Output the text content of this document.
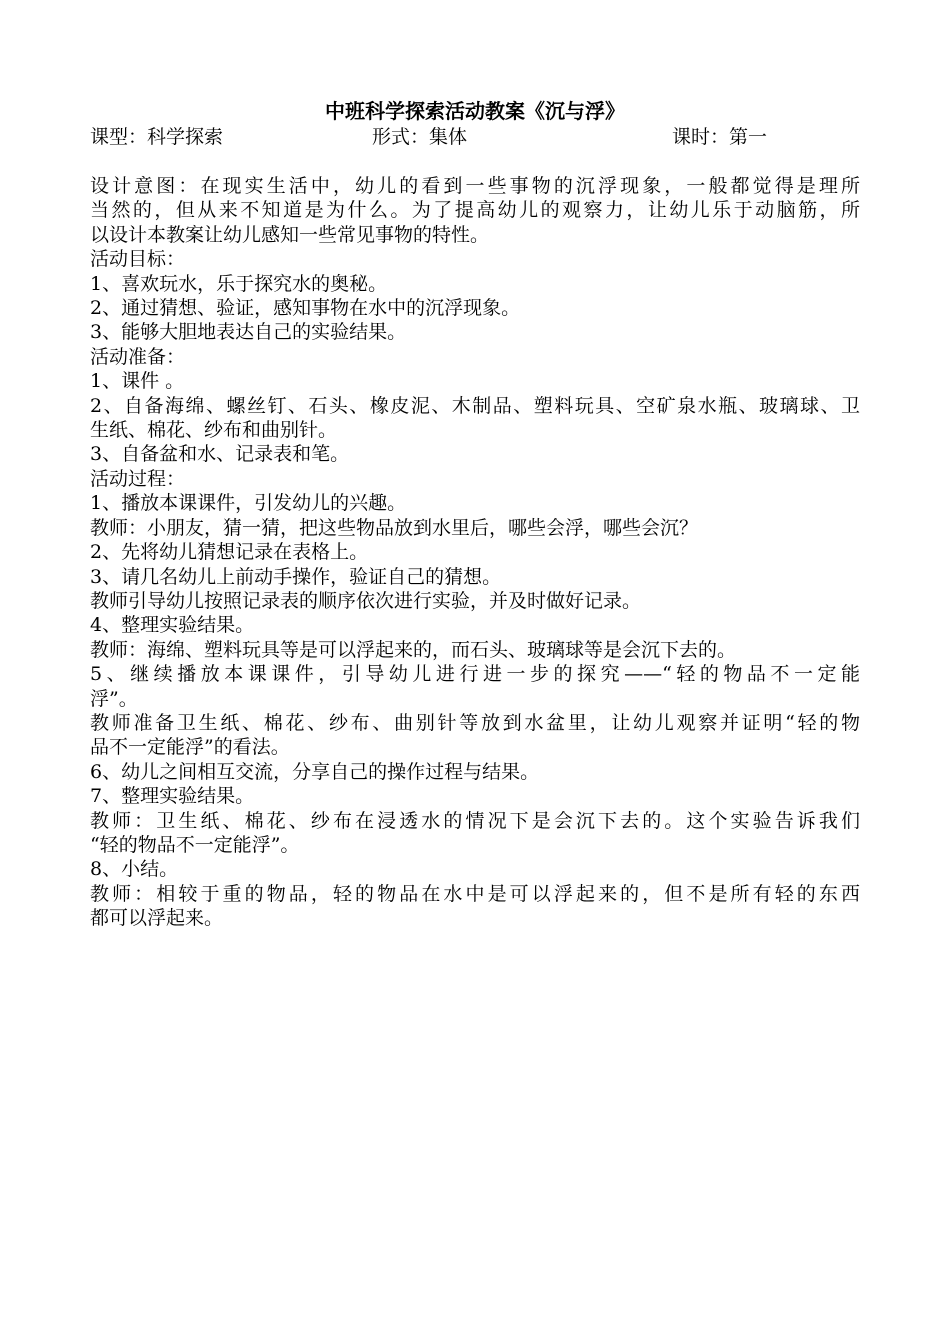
中班科学探索活动教案《沉与浮》
课型：科学探索	形式：集体	课时：第一
设计意图：在现实生活中，幼儿的看到一些事物的沉浮现象，一般都觉得是理所
当然的，但从来不知道是为什么。为了提高幼儿的观察力，让幼儿乐于动脑筋，所
以设计本教案让幼儿感知一些常见事物的特性。
活动目标：
1、喜欢玩水，乐于探究水的奥秘。
2、通过猜想、验证，感知事物在水中的沉浮现象。
3、能够大胆地表达自己的实验结果。
活动准备：
1、课件 。
2、自备海绵、螺丝钉、石头、橡皮泥、木制品、塑料玩具、空矿泉水瓶、玻璃球、卫
生纸、棉花、纱布和曲别针。
3、自备盆和水、记录表和笔。
活动过程：
1、播放本课课件，引发幼儿的兴趣。
教师：小朋友，猜一猜，把这些物品放到水里后，哪些会浮，哪些会沉？
2、先将幼儿猜想记录在表格上。
3、请几名幼儿上前动手操作，验证自己的猜想。
教师引导幼儿按照记录表的顺序依次进行实验，并及时做好记录。
4、整理实验结果。
教师：海绵、塑料玩具等是可以浮起来的，而石头、玻璃球等是会沉下去的。
5、继续播放本课课件，引导幼儿进行进一步的探究——“轻的物品不一定能
浮”。
教师准备卫生纸、棉花、纱布、曲别针等放到水盆里，让幼儿观察并证明“轻的物
品不一定能浮”的看法。
6、幼儿之间相互交流，分享自己的操作过程与结果。
7、整理实验结果。
教师：卫生纸、棉花、纱布在浸透水的情况下是会沉下去的。这个实验告诉我们
“轻的物品不一定能浮”。
8、小结。
教师：相较于重的物品，轻的物品在水中是可以浮起来的，但不是所有轻的东西
都可以浮起来。
